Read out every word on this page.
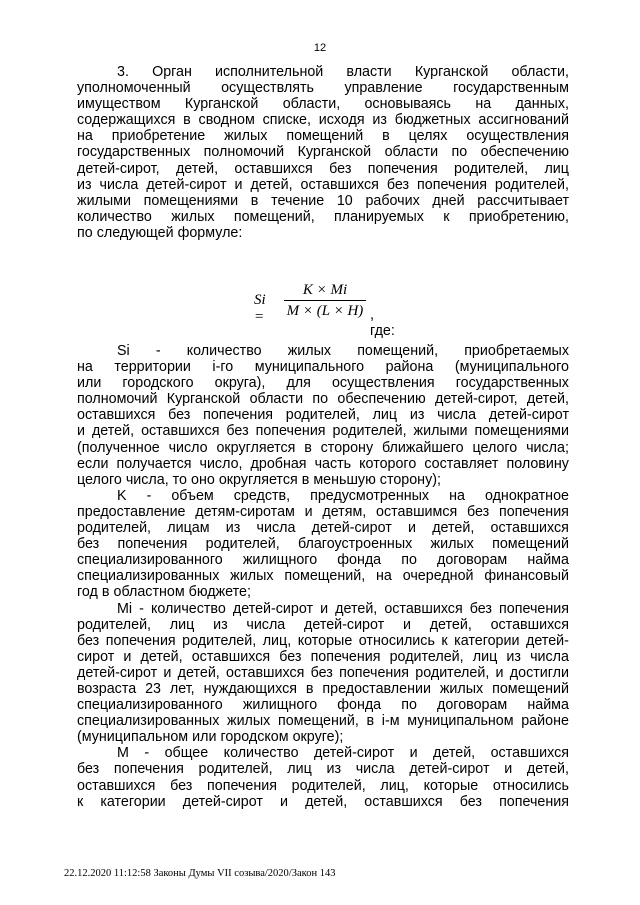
12
3. Орган исполнительной власти Курганской области,
уполномоченный осуществлять управление государственным
имуществом Курганской области, основываясь на данных,
содержащихся в сводном списке, исходя из бюджетных ассигнований
на приобретение жилых помещений в целях осуществления
государственных полномочий Курганской области по обеспечению
детей-сирот, детей, оставшихся без попечения родителей, лиц
из числа детей-сирот и детей, оставшихся без попечения родителей,
жилыми помещениями в течение 10 рабочих дней рассчитывает
количество жилых помещений, планируемых к приобретению,
по следующей формуле:
Si =
K × Mi
M × (L × H) , где:
Si - количество жилых помещений, приобретаемых
на территории i-го муниципального района (муниципального
или городского округа), для осуществления государственных
полномочий Курганской области по обеспечению детей-сирот, детей,
оставшихся без попечения родителей, лиц из числа детей-сирот
и детей, оставшихся без попечения родителей, жилыми помещениями
(полученное число округляется в сторону ближайшего целого числа;
если получается число, дробная часть которого составляет половину
целого числа, то оно округляется в меньшую сторону);
K - объем средств, предусмотренных на однократное
предоставление детям-сиротам и детям, оставшимся без попечения
родителей, лицам из числа детей-сирот и детей, оставшихся
без попечения родителей, благоустроенных жилых помещений
специализированного жилищного фонда по договорам найма
специализированных жилых помещений, на очередной финансовый
год в областном бюджете;
Mi - количество детей-сирот и детей, оставшихся без попечения
родителей, лиц из числа детей-сирот и детей, оставшихся
без попечения родителей, лиц, которые относились к категории детей-
сирот и детей, оставшихся без попечения родителей, лиц из числа
детей-сирот и детей, оставшихся без попечения родителей, и достигли
возраста 23 лет, нуждающихся в предоставлении жилых помещений
специализированного жилищного фонда по договорам найма
специализированных жилых помещений, в i-м муниципальном районе
(муниципальном или городском округе);
M - общее количество детей-сирот и детей, оставшихся
без попечения родителей, лиц из числа детей-сирот и детей,
оставшихся без попечения родителей, лиц, которые относились
к категории детей-сирот и детей, оставшихся без попечения
22.12.2020 11:12:58 Законы Думы VII созыва/2020/Закон 143
